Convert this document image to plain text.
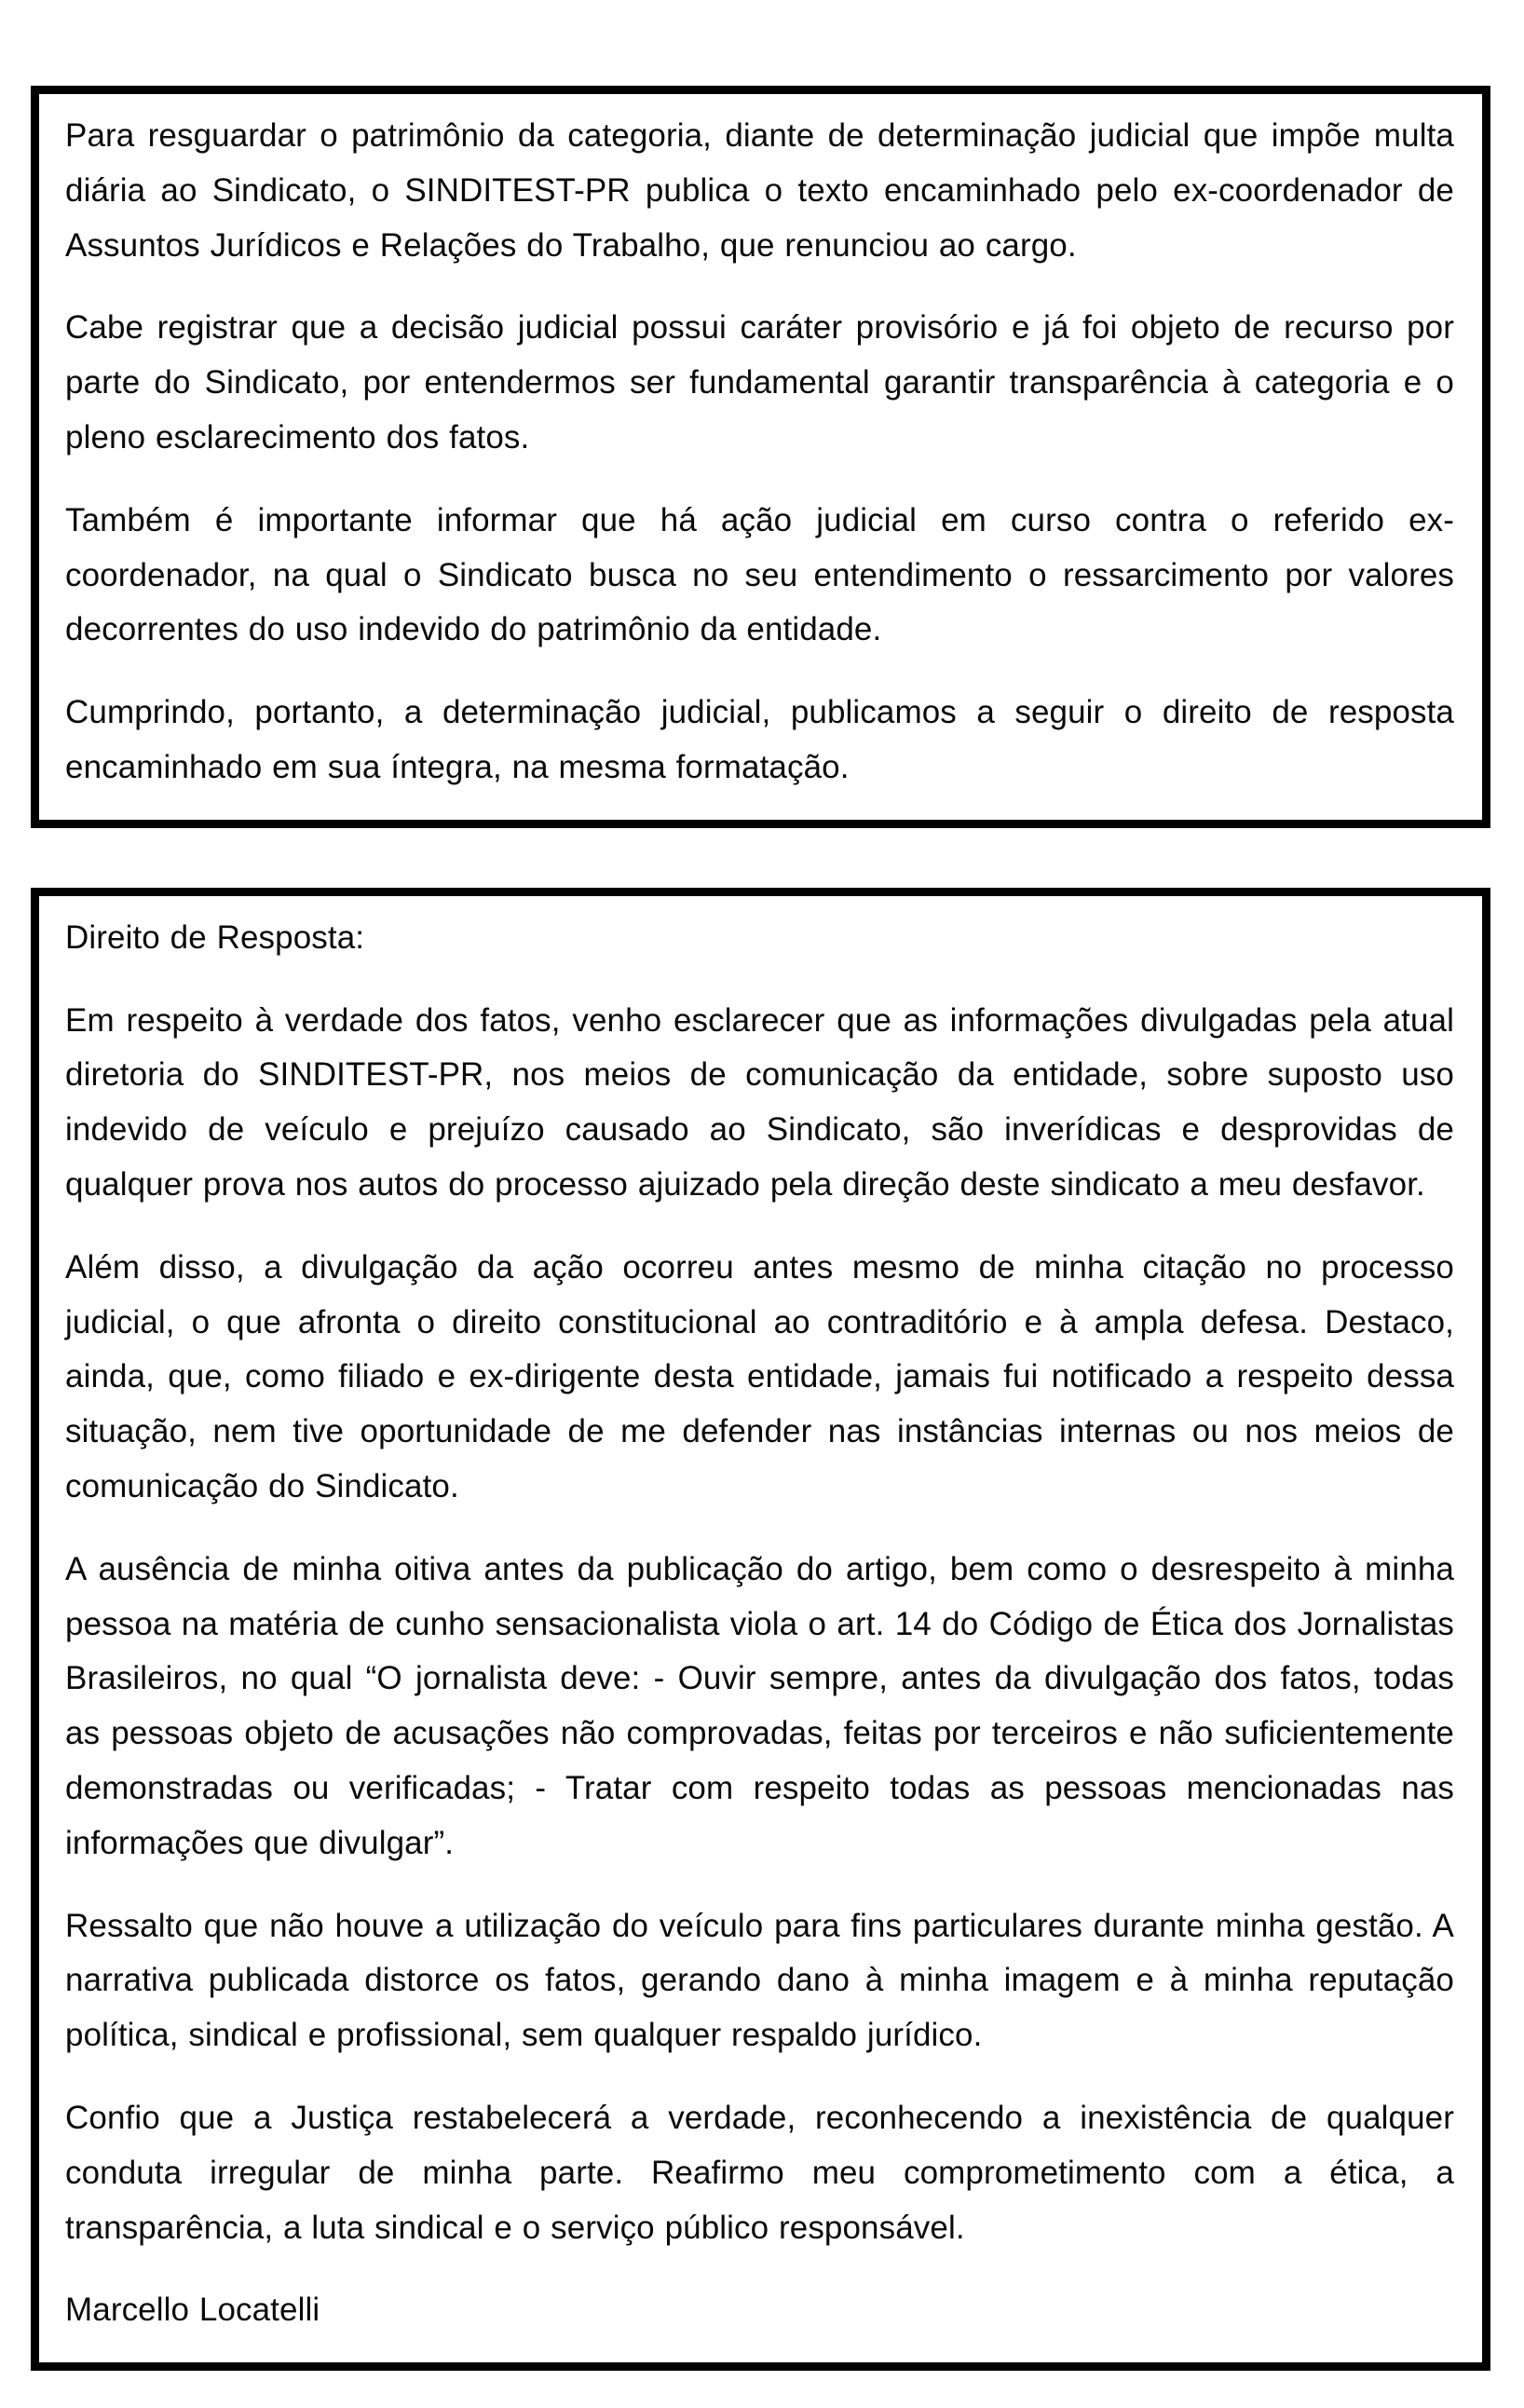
Para resguardar o patrimônio da categoria, diante de determinação judicial que impõe multa diária ao Sindicato, o SINDITEST-PR publica o texto encaminhado pelo ex-coordenador de Assuntos Jurídicos e Relações do Trabalho, que renunciou ao cargo.

Cabe registrar que a decisão judicial possui caráter provisório e já foi objeto de recurso por parte do Sindicato, por entendermos ser fundamental garantir transparência à categoria e o pleno esclarecimento dos fatos.

Também é importante informar que há ação judicial em curso contra o referido ex-coordenador, na qual o Sindicato busca no seu entendimento o ressarcimento por valores decorrentes do uso indevido do patrimônio da entidade.

Cumprindo, portanto, a determinação judicial, publicamos a seguir o direito de resposta encaminhado em sua íntegra, na mesma formatação.

Direito de Resposta:

Em respeito à verdade dos fatos, venho esclarecer que as informações divulgadas pela atual diretoria do SINDITEST-PR, nos meios de comunicação da entidade, sobre suposto uso indevido de veículo e prejuízo causado ao Sindicato, são inverídicas e desprovidas de qualquer prova nos autos do processo ajuizado pela direção deste sindicato a meu desfavor.

Além disso, a divulgação da ação ocorreu antes mesmo de minha citação no processo judicial, o que afronta o direito constitucional ao contraditório e à ampla defesa. Destaco, ainda, que, como filiado e ex-dirigente desta entidade, jamais fui notificado a respeito dessa situação, nem tive oportunidade de me defender nas instâncias internas ou nos meios de comunicação do Sindicato.

A ausência de minha oitiva antes da publicação do artigo, bem como o desrespeito à minha pessoa na matéria de cunho sensacionalista viola o art. 14 do Código de Ética dos Jornalistas Brasileiros, no qual “O jornalista deve: - Ouvir sempre, antes da divulgação dos fatos, todas as pessoas objeto de acusações não comprovadas, feitas por terceiros e não suficientemente demonstradas ou verificadas; - Tratar com respeito todas as pessoas mencionadas nas informações que divulgar”.

Ressalto que não houve a utilização do veículo para fins particulares durante minha gestão. A narrativa publicada distorce os fatos, gerando dano à minha imagem e à minha reputação política, sindical e profissional, sem qualquer respaldo jurídico.

Confio que a Justiça restabelecerá a verdade, reconhecendo a inexistência de qualquer conduta irregular de minha parte. Reafirmo meu comprometimento com a ética, a transparência, a luta sindical e o serviço público responsável.

Marcello Locatelli
